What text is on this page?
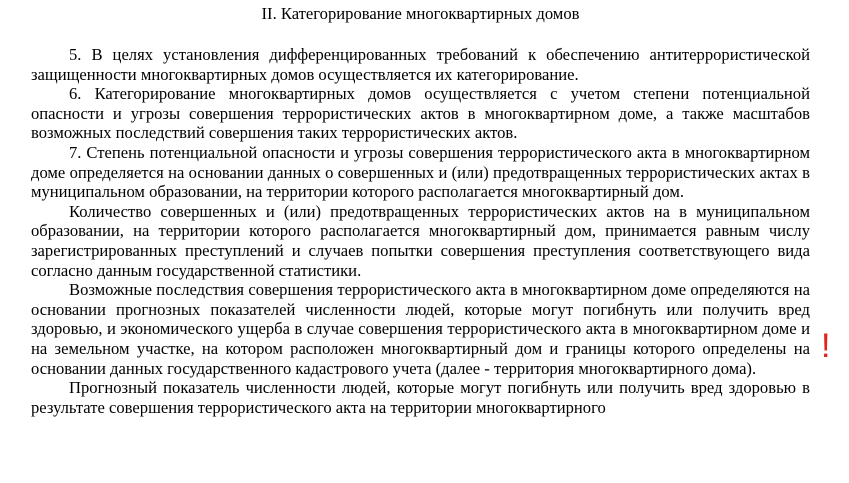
II. Категорирование многоквартирных домов

5. В целях установления дифференцированных требований к обеспечению антитеррористической защищенности многоквартирных домов осуществляется их категорирование.

6. Категорирование многоквартирных домов осуществляется с учетом степени потенциальной опасности и угрозы совершения террористических актов в многоквартирном доме, а также масштабов возможных последствий совершения таких террористических актов.

7. Степень потенциальной опасности и угрозы совершения террористического акта в многоквартирном доме определяется на основании данных о совершенных и (или) предотвращенных террористических актах в муниципальном образовании, на территории которого располагается многоквартирный дом.

Количество совершенных и (или) предотвращенных террористических актов на в муниципальном образовании, на территории которого располагается многоквартирный дом, принимается равным числу зарегистрированных преступлений и случаев попытки совершения преступления соответствующего вида согласно данным государственной статистики.

Возможные последствия совершения террористического акта в многоквартирном доме определяются на основании прогнозных показателей численности людей, которые могут погибнуть или получить вред здоровью, и экономического ущерба в случае совершения террористического акта в многоквартирном доме и на земельном участке, на котором расположен многоквартирный дом и границы которого определены на основании данных государственного кадастрового учета (далее - территория многоквартирного дома).

Прогнозный показатель численности людей, которые могут погибнуть или получить вред здоровью в результате совершения террористического акта на территории многоквартирного

!
